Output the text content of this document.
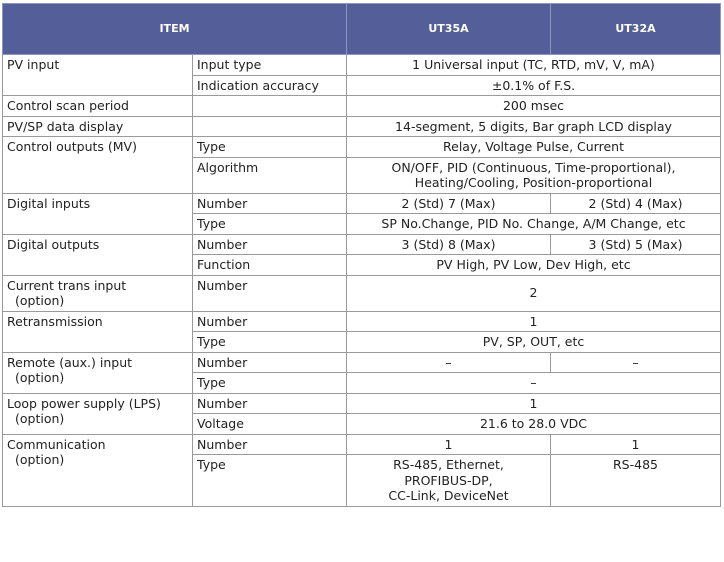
ITEM		UT35A	UT32A
PV input	Input type	1 Universal input (TC, RTD, mV, V, mA)	
	Indication accuracy	±0.1% of F.S.	
Control scan period		200 msec	
PV/SP data display		14-segment, 5 digits, Bar graph LCD display	
Control outputs (MV)	Type	Relay, Voltage Pulse, Current	
	Algorithm	ON/OFF, PID (Continuous, Time-proportional),
Heating/Cooling, Position-proportional	

Digital inputs	Number	2 (Std) 7 (Max)	2 (Std) 4 (Max)
	Type	SP No.Change, PID No. Change, A/M Change, etc	
Digital outputs	Number	3 (Std) 8 (Max)	3 (Std) 5 (Max)
	Function	PV High, PV Low, Dev High, etc	

Current trans input
(option)	Number	2	
Retransmission	Number	1	
	Type	PV, SP, OUT, etc	

Remote (aux.) input
(option)	Number	–	–
	Type	–	

Loop power supply (LPS)
(option)	Number	1	
	Voltage	21.6 to 28.0 VDC	

Communication
(option)	Number	1	1
	Type	RS-485, Ethernet,
PROFIBUS-DP,
CC-Link, DeviceNet	RS-485
